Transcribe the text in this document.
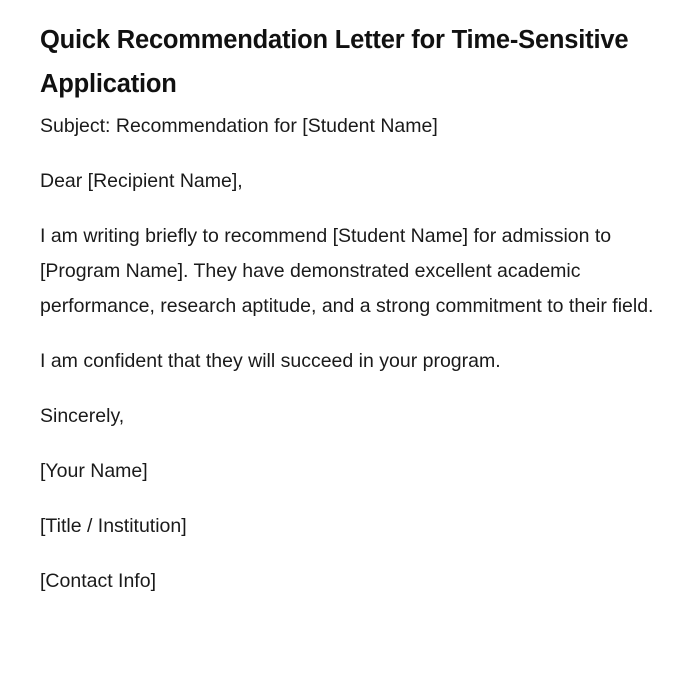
Quick Recommendation Letter for Time-Sensitive Application

Subject: Recommendation for [Student Name]

Dear [Recipient Name],

I am writing briefly to recommend [Student Name] for admission to [Program Name]. They have demonstrated excellent academic performance, research aptitude, and a strong commitment to their field.

I am confident that they will succeed in your program.

Sincerely,

[Your Name]

[Title / Institution]

[Contact Info]
